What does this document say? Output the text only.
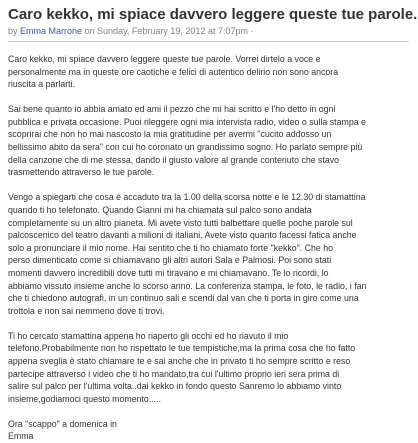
Caro kekko, mi spiace davvero leggere queste tue parole.
by Emma Marrone on Sunday, February 19, 2012 at 7:07pm ·

Caro kekko, mi spiace davvero leggere queste tue parole. Vorrei dirtelo a voce e
personalmente ma in queste ore caotiche e felici di autentico delirio non sono ancora
riuscita a parlarti.

Sai bene quanto io abbia amato ed ami il pezzo che mi hai scritto e l'ho detto in ogni
pubblica e privata occasione. Puoi rileggere ogni mia intervista radio, video o sulla stampa e
scoprirai che non ho mai nascosto la mia gratitudine per avermi "cucito addosso un
bellissimo abito da sera" con cui ho coronato un grandissimo sogno. Ho parlato sempre più
della canzone che di me stessa, dando il giusto valore al grande contenuto che stavo
trasmettendo attraverso le tue parole.

Vengo a spiegarti che cosa è accaduto tra la 1.00 della scorsa notte e le 12.30 di stamattina
quando ti ho telefonato. Quando Gianni mi ha chiamata sul palco sono andata
completamente su un altro pianeta. Mi avete visto tutti balbettare quelle poche parole sul
palcoscenico del teatro davanti a milioni di italiani. Avete visto quanto facessi fatica anche
solo a pronunciare il mio nome. Hai sentito che ti ho chiamato forte "kekko". Che ho
perso dimenticato come si chiamavano gli altri autori Sala e Palmosi. Poi sono stati
momenti davvero incredibili dove tutti mi tiravano e mi chiamavano. Te lo ricordi, lo
abbiamo vissuto insieme anche lo scorso anno. La conferenza stampa, le foto, le radio, i fan
che ti chiedono autografi, in un continuo sali e scendi dal van che ti porta in giro come una
trottola e non sai nemmeno dove ti trovi.

Ti ho cercato stamattina appena ho riaperto gli occhi ed ho riavuto il mio
telefono.Probabilmente non ho rispettato le tue tempistiche,ma la prima cosa che ho fatto
appena sveglia è stato chiamare te e sai anche che in privato ti ho sempre scritto e reso
partecipe attraverso i video che ti ho mandato,tra cui l'ultimo proprio ieri sera prima di
salire sul palco per l'ultima volta..dai kekko in fondo questo Sanremo lo abbiamo vinto
insieme,godiamoci questo momento.....

Ora "scappo" a domenica in
Emma
